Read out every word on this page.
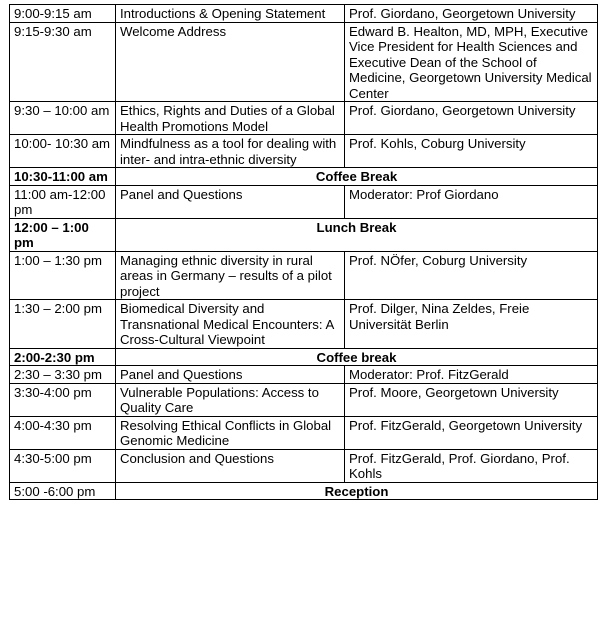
9:00-9:15 am	Introductions & Opening Statement	Prof. Giordano, Georgetown University
9:15-9:30 am	Welcome Address	Edward B. Healton, MD, MPH, Executive Vice President for Health Sciences and Executive Dean of the School of Medicine, Georgetown University Medical Center
9:30 – 10:00 am	Ethics, Rights and Duties of a Global Health Promotions Model	Prof. Giordano, Georgetown University
10:00- 10:30 am	Mindfulness as a tool for dealing with inter- and intra-ethnic diversity	Prof. Kohls, Coburg University
10:30-11:00 am	Coffee Break	
11:00 am-12:00 pm	Panel and Questions	Moderator: Prof Giordano
12:00 – 1:00 pm	Lunch Break	
1:00 – 1:30 pm	Managing ethnic diversity in rural areas in Germany – results of a pilot project	Prof. NÖfer, Coburg University
1:30 – 2:00 pm	Biomedical Diversity and Transnational Medical Encounters: A Cross-Cultural Viewpoint	Prof. Dilger, Nina Zeldes, Freie Universität Berlin
2:00-2:30 pm	Coffee break	
2:30 – 3:30 pm	Panel and Questions	Moderator: Prof. FitzGerald
3:30-4:00 pm	Vulnerable Populations: Access to Quality Care	Prof. Moore, Georgetown University
4:00-4:30 pm	Resolving Ethical Conflicts in Global Genomic Medicine	Prof. FitzGerald, Georgetown University
4:30-5:00 pm	Conclusion and Questions	Prof. FitzGerald, Prof. Giordano, Prof. Kohls
5:00 -6:00 pm	Reception	
